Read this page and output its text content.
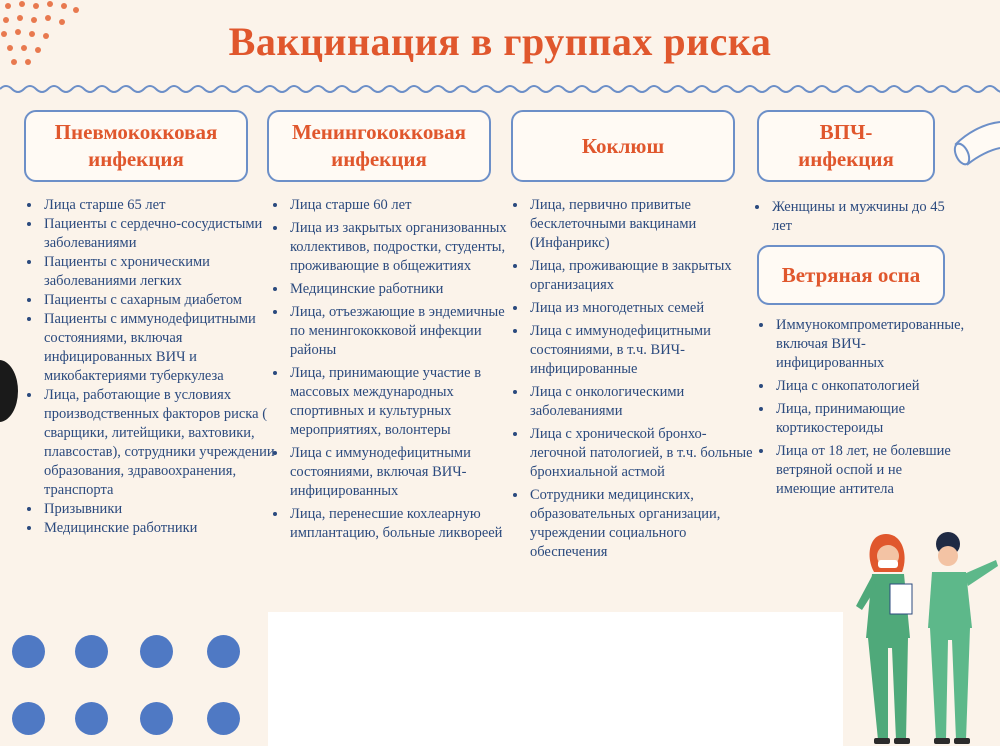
Вакцинация в группах риска
Пневмококковая
инфекция
• Лица старше 65 лет
• Пациенты с сердечно-сосудистыми заболеваниями
• Пациенты с хроническими заболеваниями легких
• Пациенты с сахарным диабетом
• Пациенты с иммунодефицитными состояниями, включая инфицированных ВИЧ и микобактериями туберкулеза
• Лица, работающие в условиях производственных факторов риска ( сварщики, литейщики, вахтовики, плавсостав), сотрудники учреждении образования, здравоохранения, транспорта
• Призывники
• Медицинские работники
Менингококковая
инфекция
• Лица старше 60 лет
• Лица из закрытых организованных коллективов, подростки, студенты, проживающие в общежитиях
• Медицинские работники
• Лица, отъезжающие в эндемичные по менингококковой инфекции районы
• Лица, принимающие участие в массовых международных спортивных и культурных мероприятиях, волонтеры
• Лица с иммунодефицитными состояниями, включая ВИЧ-инфицированных
• Лица, перенесшие кохлеарную имплантацию, больные ликвореей
Коклюш
• Лица, первично привитые бесклеточными вакцинами (Инфанрикс)
• Лица, проживающие в закрытых организациях
• Лица из многодетных семей
• Лица с иммунодефицитными состояниями, в т.ч. ВИЧ-инфицированные
• Лица с онкологическими заболеваниями
• Лица с хронической бронхо-легочной патологией, в т.ч. больные бронхиальной астмой
• Сотрудники медицинских, образовательных организации, учреждении социального обеспечения
ВПЧ-
инфекция
• Женщины и мужчины до 45 лет
Ветряная оспа
• Иммунокомпрометированные, включая ВИЧ-инфицированных
• Лица с онкопатологией
• Лица, принимающие кортикостероиды
• Лица от 18 лет, не болевшие ветряной оспой и не имеющие антитела
